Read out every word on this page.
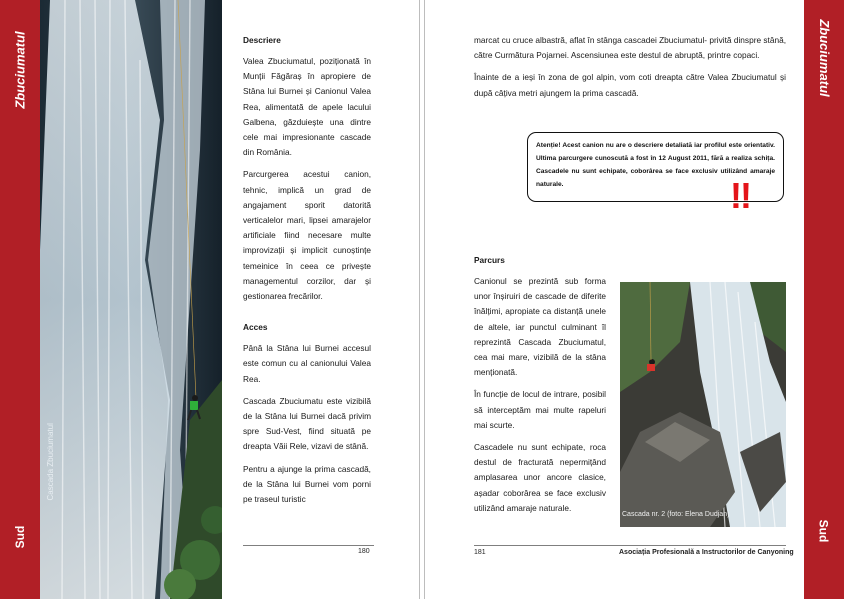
Zbuciumatul
Sud
Cascada Zbuciumatul
Descriere

Valea Zbuciumatul, poziționată în Munții Făgăraș în apropiere de Stâna lui Burnei și Canionul Valea Rea, alimentată de apele lacului Galbena, găzduiește una dintre cele mai impresionante cascade din România.

Parcurgerea acestui canion, tehnic, implică un grad de angajament sporit datorită verticalelor mari, lipsei amarajelor artificiale fiind necesare multe improvizații și implicit cunoștințe temeinice în ceea ce privește managementul corzilor, dar și gestionarea frecărilor.

Acces

Până la Stâna lui Burnei accesul este comun cu al canionului Valea Rea.

Cascada Zbuciumatu este vizibilă de la Stâna lui Burnei dacă privim spre Sud-Vest, fiind situată pe dreapta Văii Rele, vizavi de stână.

Pentru a ajunge la prima cascadă, de la Stâna lui Burnei vom porni pe traseul turistic

180
Zbuciumatul
Sud

marcat cu cruce albastră, aflat în stânga cascadei Zbuciumatul- privită dinspre stână, către Curmătura Pojarnei. Ascensiunea este destul de abruptă, printre copaci.

Înainte de a ieși în zona de gol alpin, vom coti dreapta către Valea Zbuciumatul și după câțiva metri ajungem la prima cascadă.

Atenție! Acest canion nu are o descriere detaliată iar profilul este orientativ. Ultima parcurgere cunoscută a fost în 12 August 2011, fără a realiza schița. Cascadele nu sunt echipate, coborârea se face exclusiv utilizând amaraje naturale.	!!
Parcurs

Canionul se prezintă sub forma unor înșiruiri de cascade de diferite înălțimi, apropiate ca distanță unele de altele, iar punctul culminant îl reprezintă Cascada Zbuciumatul, cea mai mare, vizibilă de la stâna menționată.

În funcție de locul de intrare, posibil să interceptăm mai multe rapeluri mai scurte.

Cascadele nu sunt echipate, roca destul de fracturată nepermițând amplasarea unor ancore clasice, așadar coborârea se face exclusiv utilizând amaraje naturale.

Cascada nr. 2 (foto: Elena Dudjan)
181	Asociația Profesională a Instructorilor de Canyoning
